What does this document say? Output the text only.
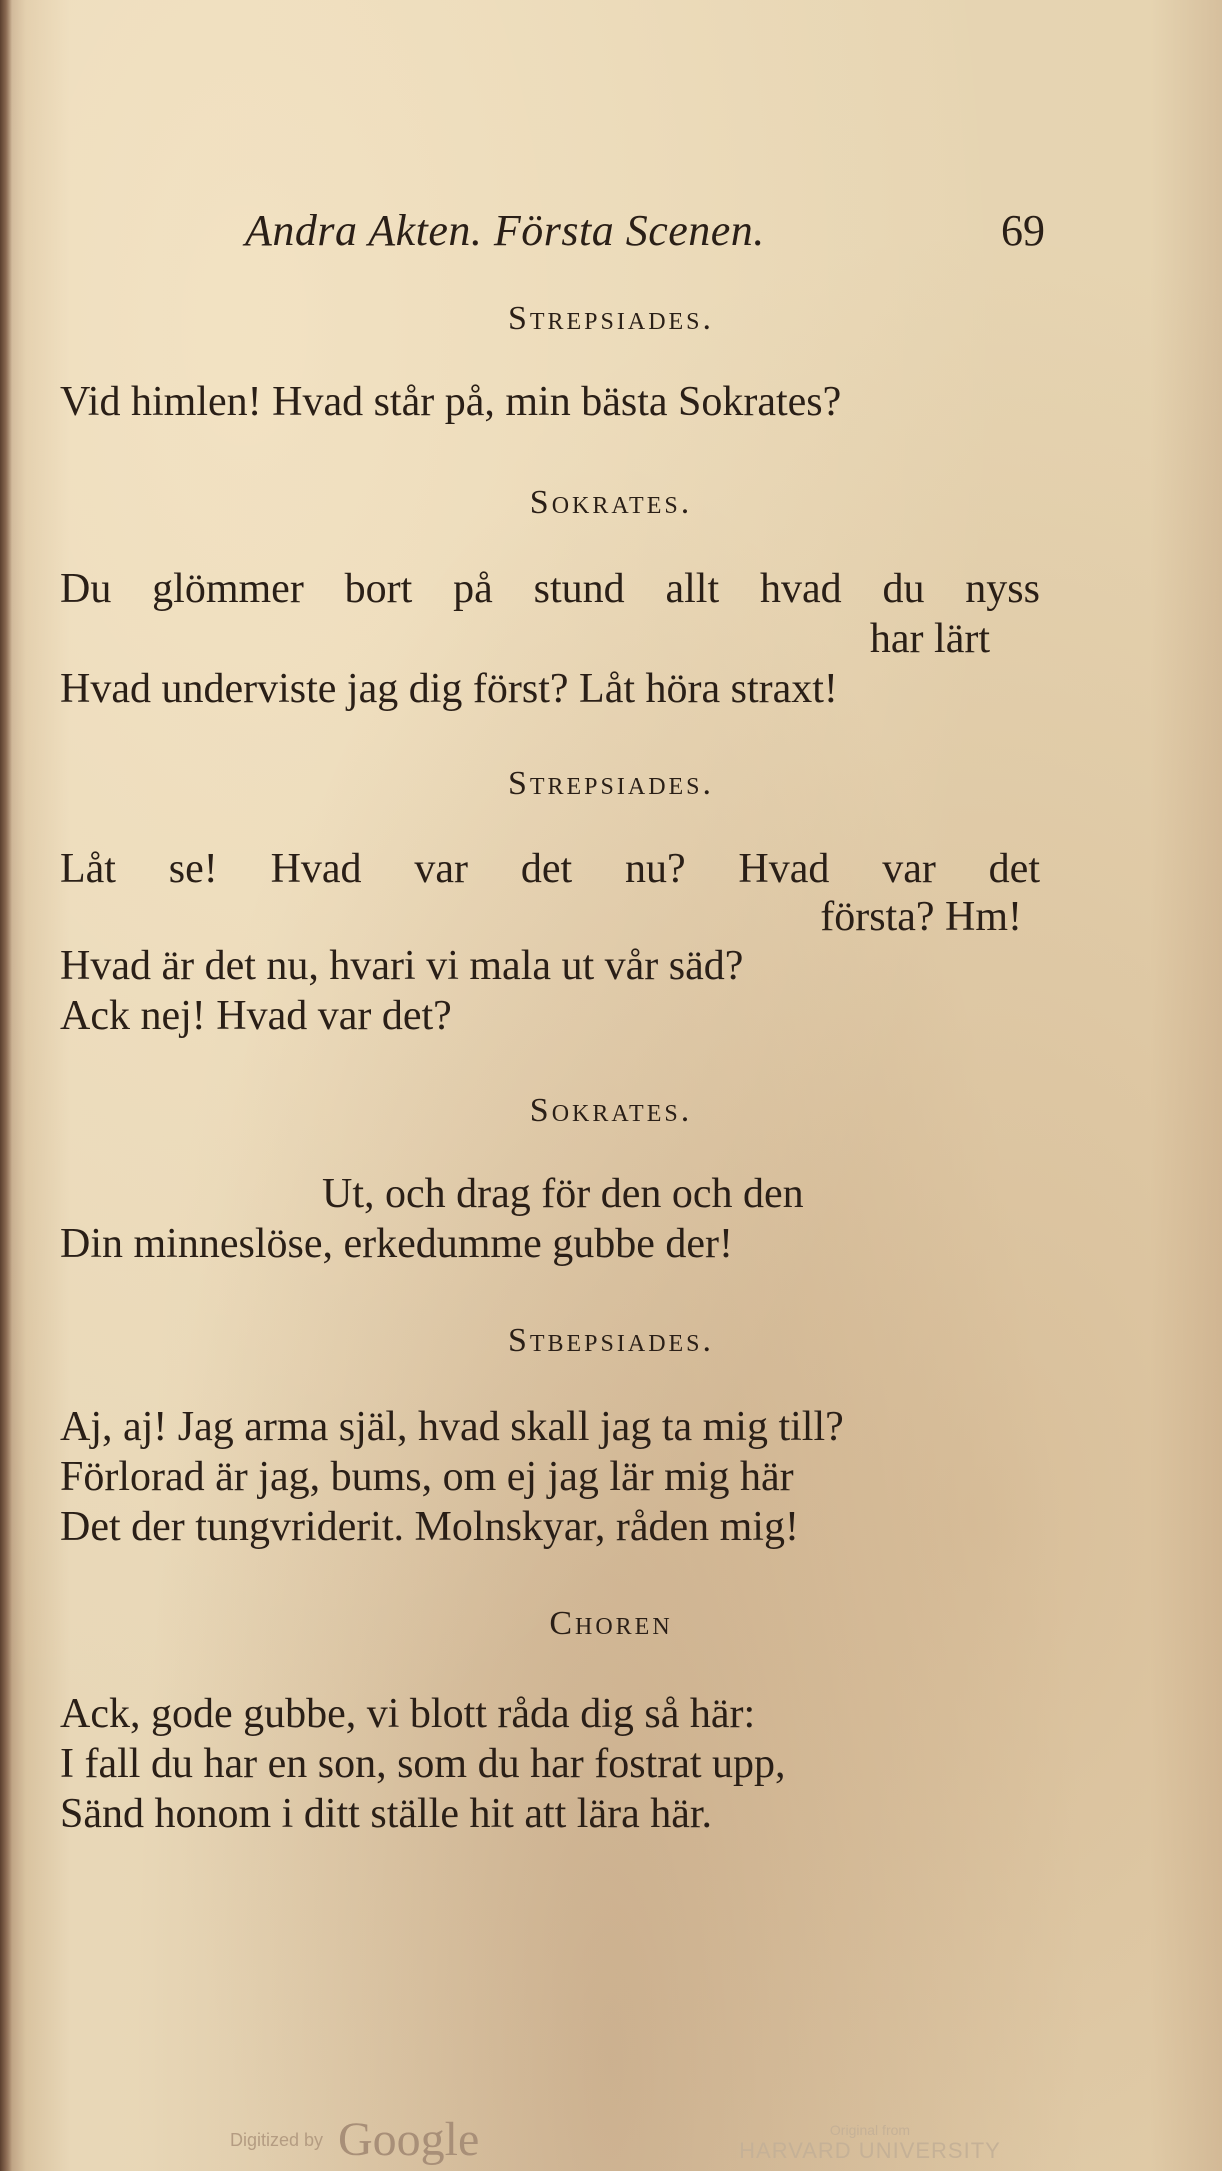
Andra Akten. Första Scenen.	69
Strepsiades.
Vid himlen! Hvad står på, min bästa Sokrates?
Sokrates.
Du glömmer bort på stund allt hvad du nyss
har lärt
Hvad underviste jag dig först? Låt höra straxt!
Strepsiades.
Låt se! Hvad var det nu? Hvad var det
första? Hm!
Hvad är det nu, hvari vi mala ut vår säd?
Ack nej! Hvad var det?
Sokrates.
Ut, och drag för den och den
Din minneslöse, erkedumme gubbe der!
Stbepsiades.
Aj, aj! Jag arma själ, hvad skall jag ta mig till?
Förlorad är jag, bums, om ej jag lär mig här
Det der tungvriderit. Molnskyar, råden mig!
Choren
Ack, gode gubbe, vi blott råda dig så här:
I fall du har en son, som du har fostrat upp,
Sänd honom i ditt ställe hit att lära här.
Digitized by Google	Original from
HARVARD UNIVERSITY
